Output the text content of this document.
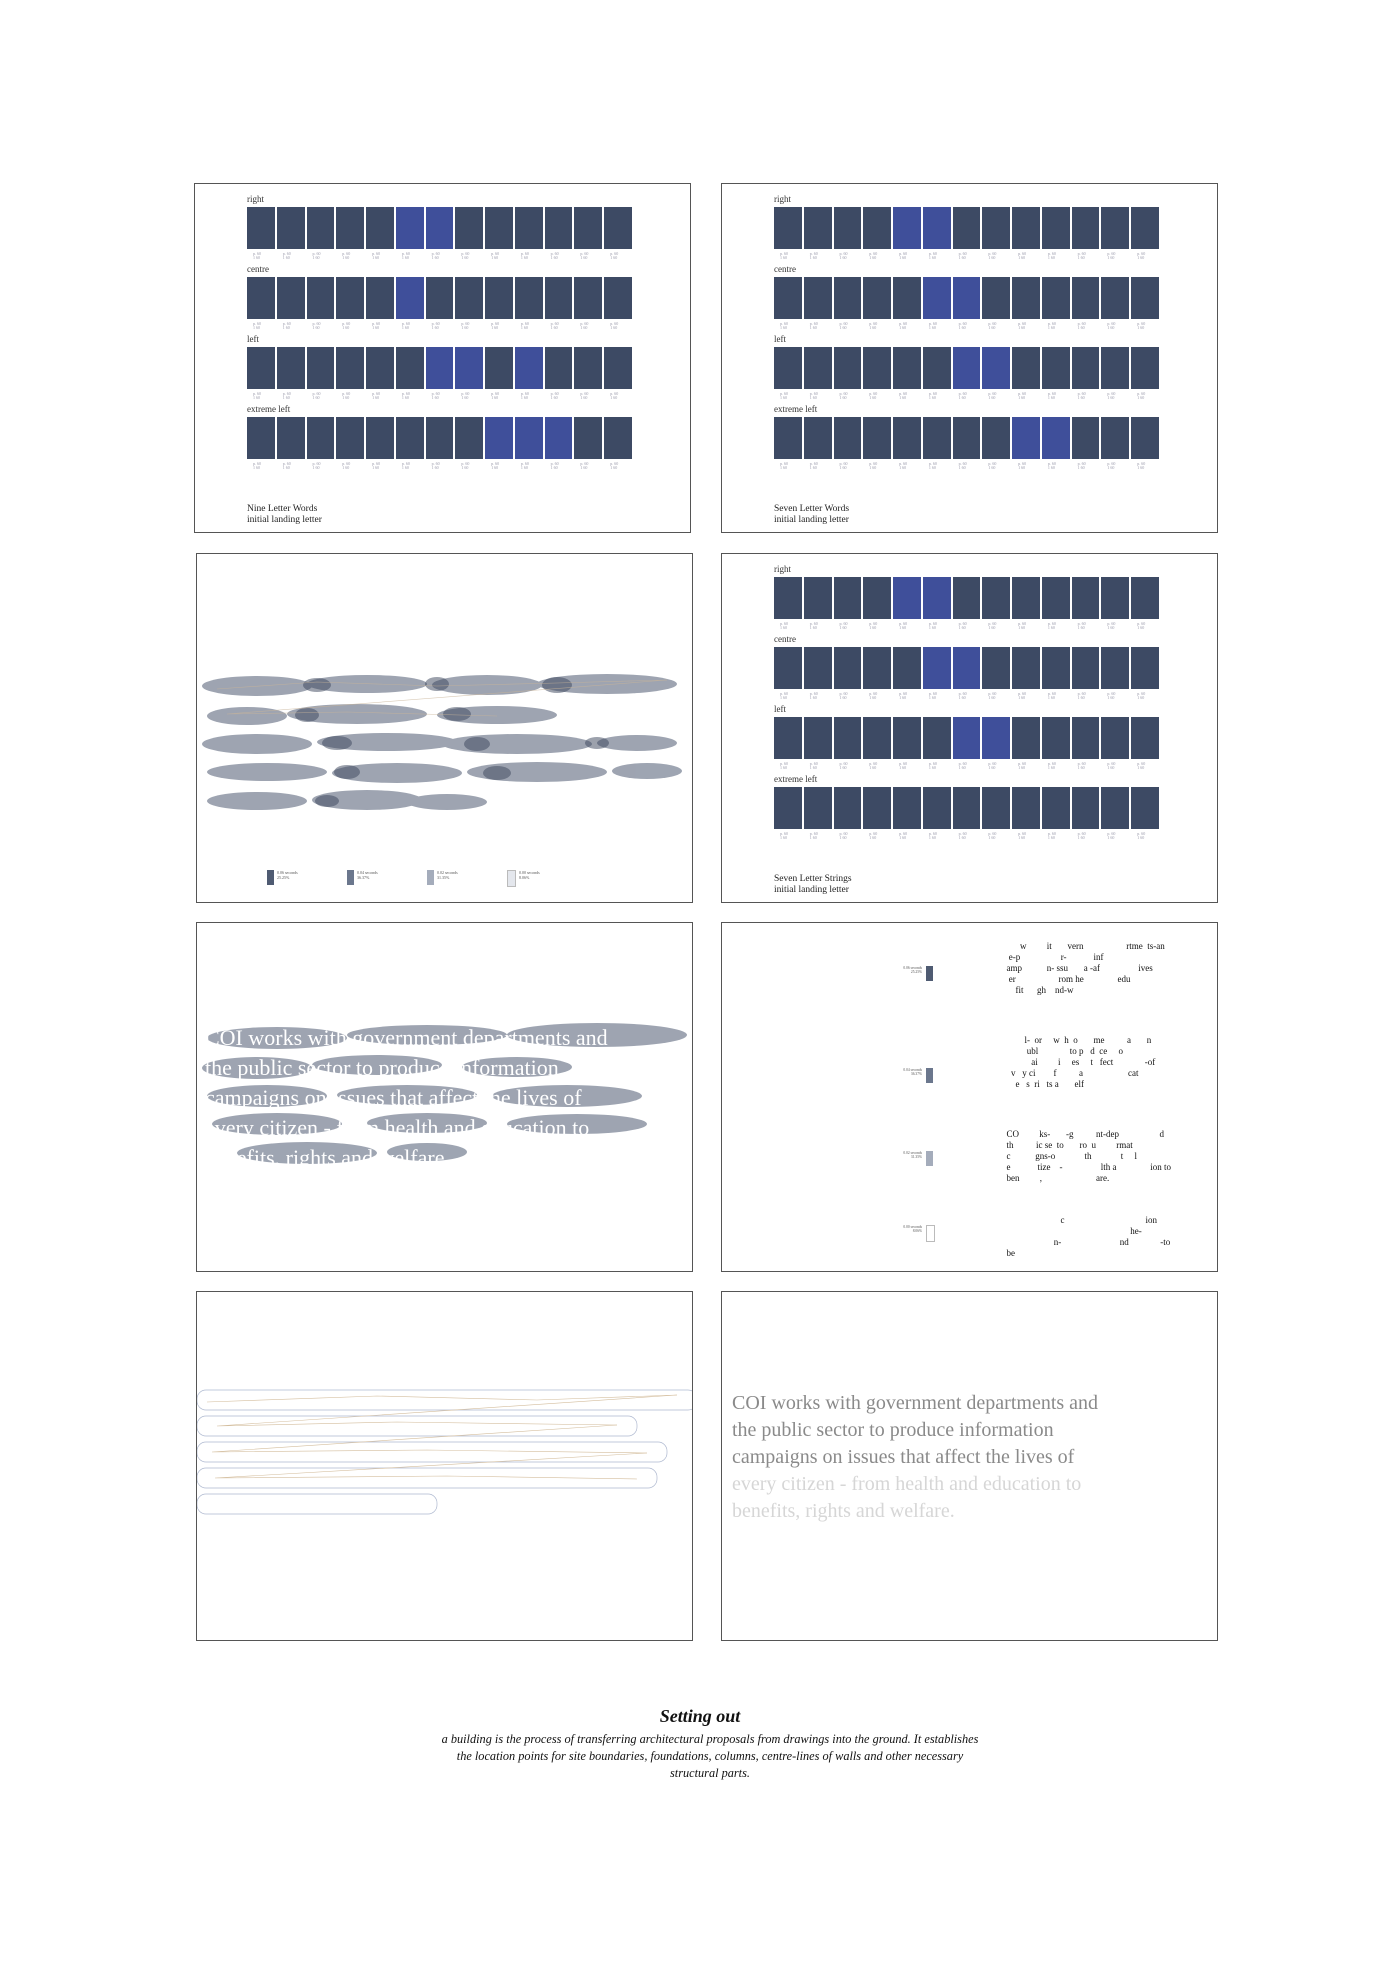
right
p. 60
1 60
p. 60
1 60
p. 60
1 60
p. 60
1 60
p. 60
1 60
p. 60
1 60
p. 60
1 60
p. 60
1 60
p. 60
1 60
p. 60
1 60
p. 60
1 60
p. 60
1 60
p. 60
1 60
centre
p. 60
1 60
p. 60
1 60
p. 60
1 60
p. 60
1 60
p. 60
1 60
p. 60
1 60
p. 60
1 60
p. 60
1 60
p. 60
1 60
p. 60
1 60
p. 60
1 60
p. 60
1 60
p. 60
1 60
left
p. 60
1 60
p. 60
1 60
p. 60
1 60
p. 60
1 60
p. 60
1 60
p. 60
1 60
p. 60
1 60
p. 60
1 60
p. 60
1 60
p. 60
1 60
p. 60
1 60
p. 60
1 60
p. 60
1 60
extreme left
p. 60
1 60
p. 60
1 60
p. 60
1 60
p. 60
1 60
p. 60
1 60
p. 60
1 60
p. 60
1 60
p. 60
1 60
p. 60
1 60
p. 60
1 60
p. 60
1 60
p. 60
1 60
p. 60
1 60
Nine Letter Words
initial landing letter
right
p. 60
1 60
p. 60
1 60
p. 60
1 60
p. 60
1 60
p. 60
1 60
p. 60
1 60
p. 60
1 60
p. 60
1 60
p. 60
1 60
p. 60
1 60
p. 60
1 60
p. 60
1 60
p. 60
1 60
centre
p. 60
1 60
p. 60
1 60
p. 60
1 60
p. 60
1 60
p. 60
1 60
p. 60
1 60
p. 60
1 60
p. 60
1 60
p. 60
1 60
p. 60
1 60
p. 60
1 60
p. 60
1 60
p. 60
1 60
left
p. 60
1 60
p. 60
1 60
p. 60
1 60
p. 60
1 60
p. 60
1 60
p. 60
1 60
p. 60
1 60
p. 60
1 60
p. 60
1 60
p. 60
1 60
p. 60
1 60
p. 60
1 60
p. 60
1 60
extreme left
p. 60
1 60
p. 60
1 60
p. 60
1 60
p. 60
1 60
p. 60
1 60
p. 60
1 60
p. 60
1 60
p. 60
1 60
p. 60
1 60
p. 60
1 60
p. 60
1 60
p. 60
1 60
p. 60
1 60
Seven Letter Words
initial landing letter
0.06 seconds
25.25%
0.04 seconds
36.37%
0.02 seconds
31.35%
0.00 seconds
8.06%
right
p. 60
1 60
p. 60
1 60
p. 60
1 60
p. 60
1 60
p. 60
1 60
p. 60
1 60
p. 60
1 60
p. 60
1 60
p. 60
1 60
p. 60
1 60
p. 60
1 60
p. 60
1 60
p. 60
1 60
centre
p. 60
1 60
p. 60
1 60
p. 60
1 60
p. 60
1 60
p. 60
1 60
p. 60
1 60
p. 60
1 60
p. 60
1 60
p. 60
1 60
p. 60
1 60
p. 60
1 60
p. 60
1 60
p. 60
1 60
left
p. 60
1 60
p. 60
1 60
p. 60
1 60
p. 60
1 60
p. 60
1 60
p. 60
1 60
p. 60
1 60
p. 60
1 60
p. 60
1 60
p. 60
1 60
p. 60
1 60
p. 60
1 60
p. 60
1 60
extreme left
p. 60
1 60
p. 60
1 60
p. 60
1 60
p. 60
1 60
p. 60
1 60
p. 60
1 60
p. 60
1 60
p. 60
1 60
p. 60
1 60
p. 60
1 60
p. 60
1 60
p. 60
1 60
p. 60
1 60
Seven Letter Strings
initial landing letter
COI works with government departments and
the public sector to produce information
campaigns on issues that affect the lives of
every citizen - from health and education to
benefits, rights and welfare.
0.06 seconds
25.25%
0.04 seconds
36.37%
0.02 seconds
31.35%
0.00 seconds
8.06%
w         it       vern                   rtme  ts-an
e-p                  r-            inf
amp           n- ssu       a -af                 ives
er                   rom he               edu
fit      gh    nd-w
l-  or     w  h  o       me          a       n
ubl              to p   d  ce     o
ai         i     es     t   fect              -of
v   y ci        f          a                    cat
e   s  ri   ts a       elf
CO         ks-       -g          nt-dep                  d
th          ic se  to       ro  u         rmat
c           gns-o             th             t     l
e            tize    -                 lth a               ion to
ben         ,                        are.
c                                    ion
he-
n-                          nd              -to
be
COI works with government departments and
the public sector to produce information
campaigns on issues that affect the lives of
every citizen - from health and education to
benefits, rights and welfare.
Setting out
a building is the process of transferring architectural proposals from drawings into the ground. It establishes the location points for site boundaries, foundations, columns, centre-lines of walls and other necessary structural parts.
